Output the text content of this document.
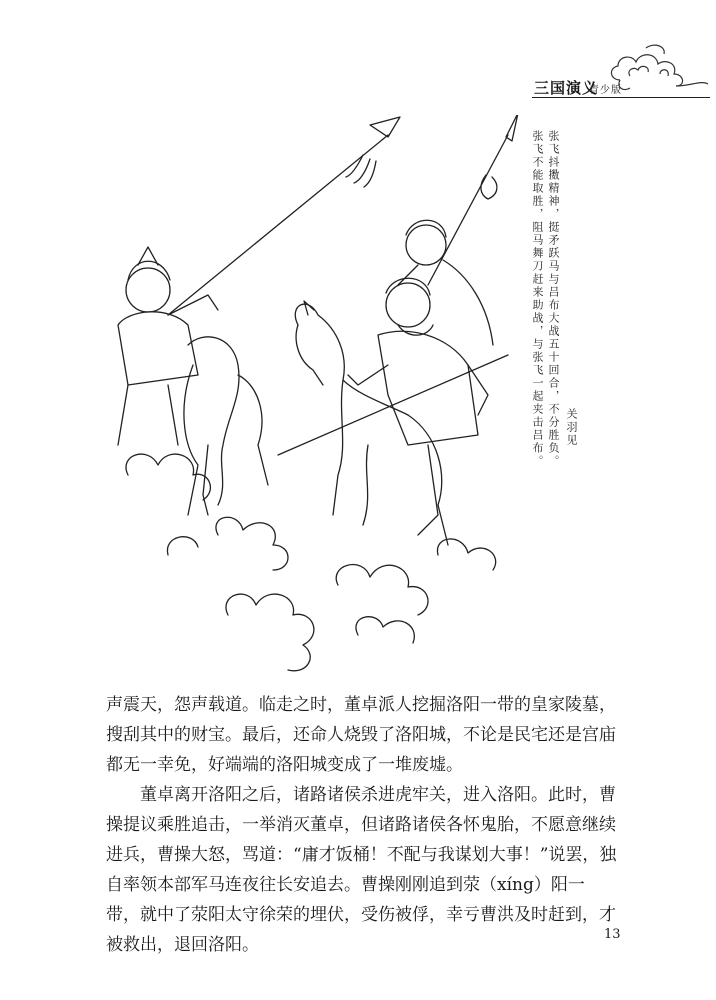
三国演义
青少版
张飞抖擞精神，挺矛跃马与吕布大战五十回合，不分胜负。
张飞不能取胜，阻马舞刀赶来助战，与张飞一起夹击吕布。 关羽见

声震天，怨声载道。临走之时，董卓派人挖掘洛阳一带的皇家陵墓，搜刮其中的财宝。最后，还命人烧毁了洛阳城，不论是民宅还是宫庙都无一幸免，好端端的洛阳城变成了一堆废墟。

董卓离开洛阳之后，诸路诸侯杀进虎牢关，进入洛阳。此时，曹操提议乘胜追击，一举消灭董卓，但诸路诸侯各怀鬼胎，不愿意继续进兵，曹操大怒，骂道：“庸才饭桶！不配与我谋划大事！”说罢，独自率领本部军马连夜往长安追去。曹操刚刚追到荥（xíng）阳一带，就中了荥阳太守徐荣的埋伏，受伤被俘，幸亏曹洪及时赶到，才被救出，退回洛阳。

13
